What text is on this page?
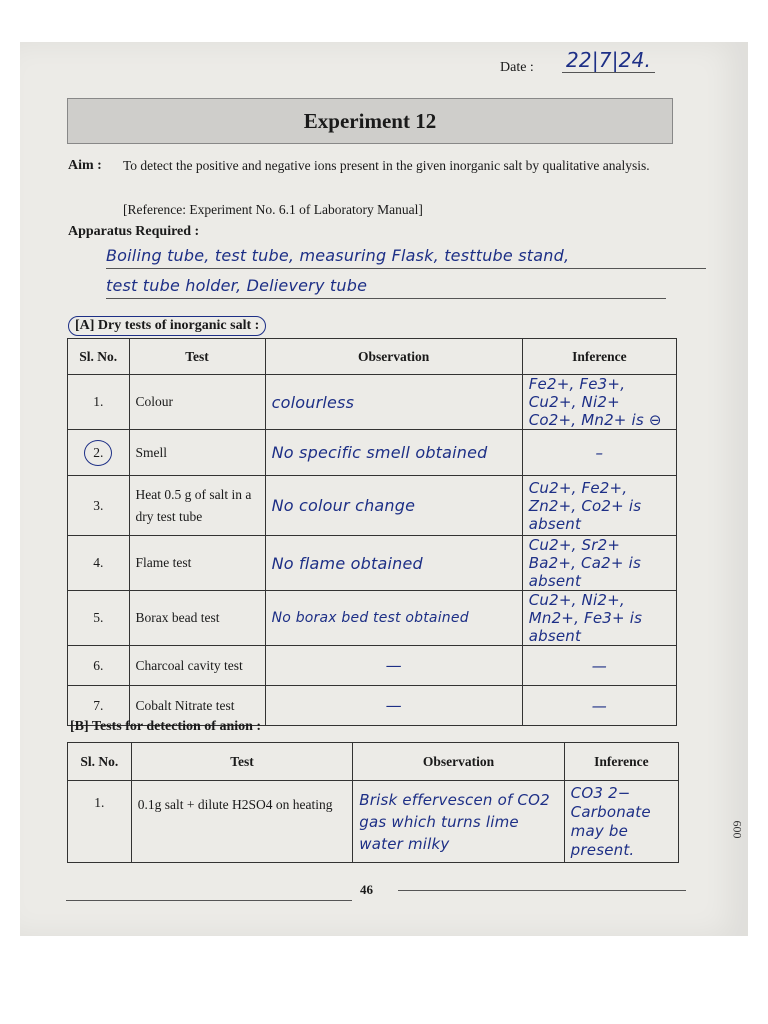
Date : 22|7|24.
Experiment 12
Aim : To detect the positive and negative ions present in the given inorganic salt by qualitative analysis.
[Reference: Experiment No. 6.1 of Laboratory Manual]
Apparatus Required :
Boiling tube, test tube, measuring Flask, testtube stand,
test tube holder, Delievery tube
[A] Dry tests of inorganic salt :
Sl. No.	Test	Observation	Inference
1.	Colour	colourless	Fe2+, Fe3+, Cu2+, Ni2+ Co2+, Mn2+ is ⊖
2.	Smell	No specific smell obtained	–
3.	Heat 0.5 g of salt in a dry test tube	No colour change	Cu2+, Fe2+, Zn2+, Co2+ is absent
4.	Flame test	No flame obtained	Cu2+, Sr2+ Ba2+, Ca2+ is absent
5.	Borax bead test	No borax bed test obtained	Cu2+, Ni2+, Mn2+, Fe3+ is absent
6.	Charcoal cavity test	—	—
7.	Cobalt Nitrate test	—	—
[B] Tests for detection of anion :
Sl. No.	Test	Observation	Inference
1.	0.1g salt + dilute H2SO4 on heating	Brisk effervescen of CO2 gas which turns lime water milky	CO3 2− Carbonate may be present.
46
600
